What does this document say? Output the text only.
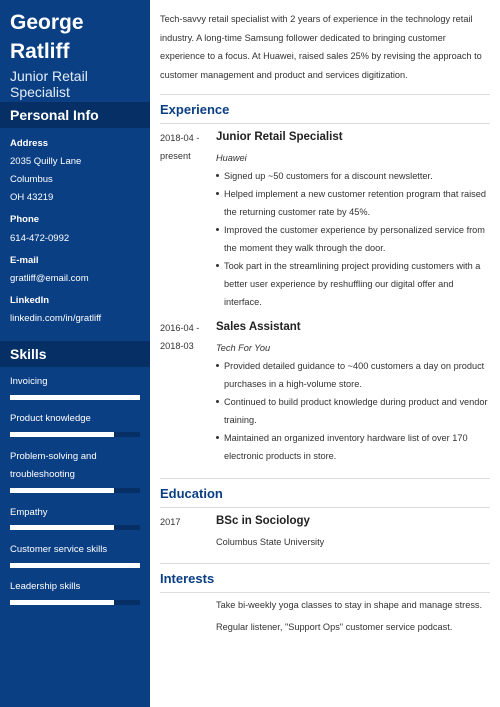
George
Ratliff
Junior Retail Specialist
Personal Info
Address
2035 Quilly Lane
Columbus
OH 43219
Phone
614-472-0992
E-mail
gratliff@email.com
LinkedIn
linkedin.com/in/gratliff
Skills
Invoicing
Product knowledge
Problem-solving and
troubleshooting
Empathy
Customer service skills
Leadership skills
Tech-savvy retail specialist with 2 years of experience in the technology retail industry. A long-time Samsung follower dedicated to bringing customer experience to a focus. At Huawei, raised sales 25% by revising the approach to customer management and product and services digitization.
Experience
2018-04 -
present
Junior Retail Specialist
Huawei
Signed up ~50 customers for a discount newsletter.
Helped implement a new customer retention program that raised the returning customer rate by 45%.
Improved the customer experience by personalized service from the moment they walk through the door.
Took part in the streamlining project providing customers with a better user experience by reshuffling our digital offer and interface.
2016-04 -
2018-03
Sales Assistant
Tech For You
Provided detailed guidance to ~400 customers a day on product purchases in a high-volume store.
Continued to build product knowledge during product and vendor training.
Maintained an organized inventory hardware list of over 170 electronic products in store.
Education
2017	BSc in Sociology
Columbus State University
Interests
Take bi-weekly yoga classes to stay in shape and manage stress.
Regular listener, "Support Ops" customer service podcast.
